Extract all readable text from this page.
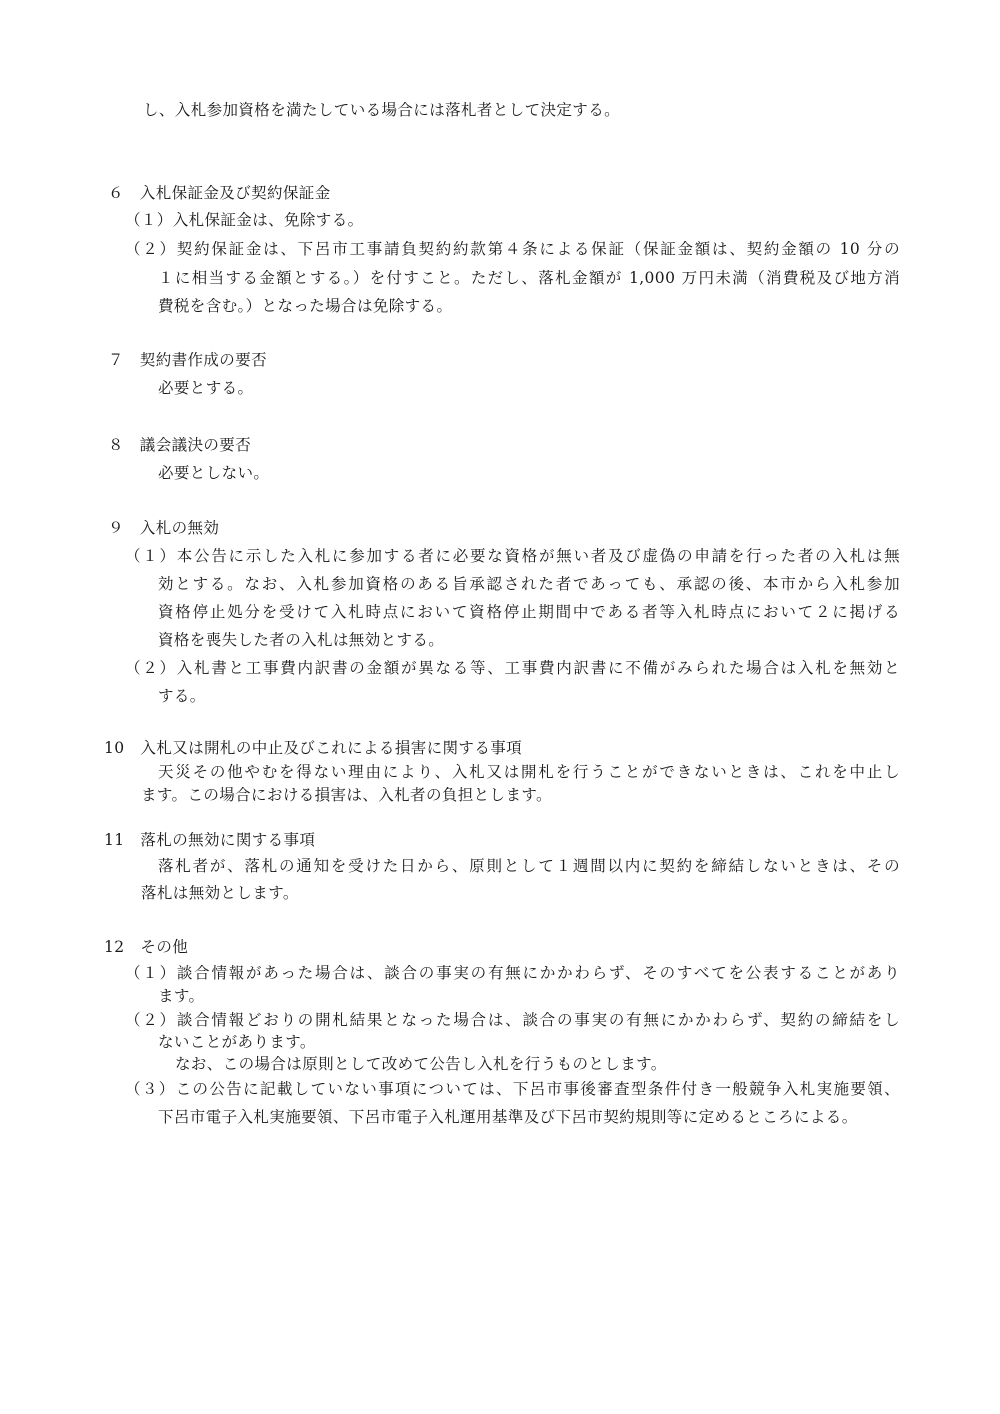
し、入札参加資格を満たしている場合には落札者として決定する。
６　入札保証金及び契約保証金
（１）入札保証金は、免除する。
（２）契約保証金は、下呂市工事請負契約約款第４条による保証（保証金額は、契約金額の 10 分の
１に相当する金額とする。）を付すこと。ただし、落札金額が 1,000 万円未満（消費税及び地方消
費税を含む。）となった場合は免除する。
７　契約書作成の要否
必要とする。
８　議会議決の要否
必要としない。
９　入札の無効
（１）本公告に示した入札に参加する者に必要な資格が無い者及び虚偽の申請を行った者の入札は無
効とする。なお、入札参加資格のある旨承認された者であっても、承認の後、本市から入札参加
資格停止処分を受けて入札時点において資格停止期間中である者等入札時点において２に掲げる
資格を喪失した者の入札は無効とする。
（２）入札書と工事費内訳書の金額が異なる等、工事費内訳書に不備がみられた場合は入札を無効と
する。
10　入札又は開札の中止及びこれによる損害に関する事項
天災その他やむを得ない理由により、入札又は開札を行うことができないときは、これを中止し
ます。この場合における損害は、入札者の負担とします。
11　落札の無効に関する事項
落札者が、落札の通知を受けた日から、原則として１週間以内に契約を締結しないときは、その
落札は無効とします。
12　その他
（１）談合情報があった場合は、談合の事実の有無にかかわらず、そのすべてを公表することがあり
ます。
（２）談合情報どおりの開札結果となった場合は、談合の事実の有無にかかわらず、契約の締結をし
ないことがあります。
なお、この場合は原則として改めて公告し入札を行うものとします。
（３）この公告に記載していない事項については、下呂市事後審査型条件付き一般競争入札実施要領、
下呂市電子入札実施要領、下呂市電子入札運用基準及び下呂市契約規則等に定めるところによる。
